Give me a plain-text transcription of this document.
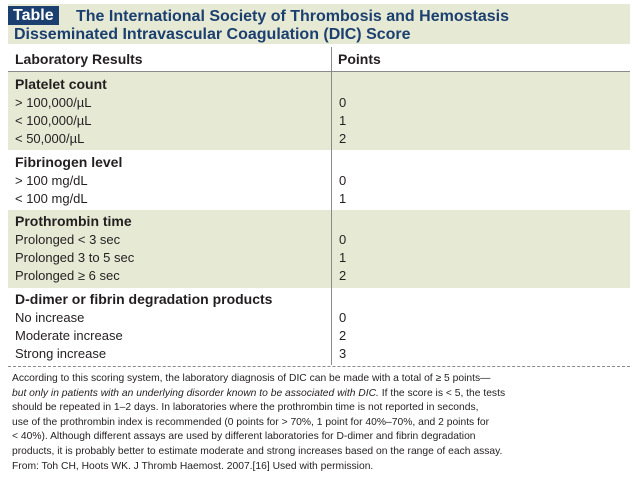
Table	The International Society of Thrombosis and Hemostasis
Disseminated Intravascular Coagulation (DIC) Score
Laboratory Results	Points
Platelet count
> 100,000/µL	0
< 100,000/µL	1
< 50,000/µL	2
Fibrinogen level
> 100 mg/dL	0
< 100 mg/dL	1
Prothrombin time
Prolonged < 3 sec	0
Prolonged 3 to 5 sec	1
Prolonged ≥ 6 sec	2
D-dimer or fibrin degradation products
No increase	0
Moderate increase	2
Strong increase	3
According to this scoring system, the laboratory diagnosis of DIC can be made with a total of ≥ 5 points—
but only in patients with an underlying disorder known to be associated with DIC. If the score is < 5, the tests
should be repeated in 1–2 days. In laboratories where the prothrombin time is not reported in seconds,
use of the prothrombin index is recommended (0 points for > 70%, 1 point for 40%–70%, and 2 points for
< 40%). Although different assays are used by different laboratories for D-dimer and fibrin degradation
products, it is probably better to estimate moderate and strong increases based on the range of each assay.
From: Toh CH, Hoots WK. J Thromb Haemost. 2007.[16] Used with permission.
